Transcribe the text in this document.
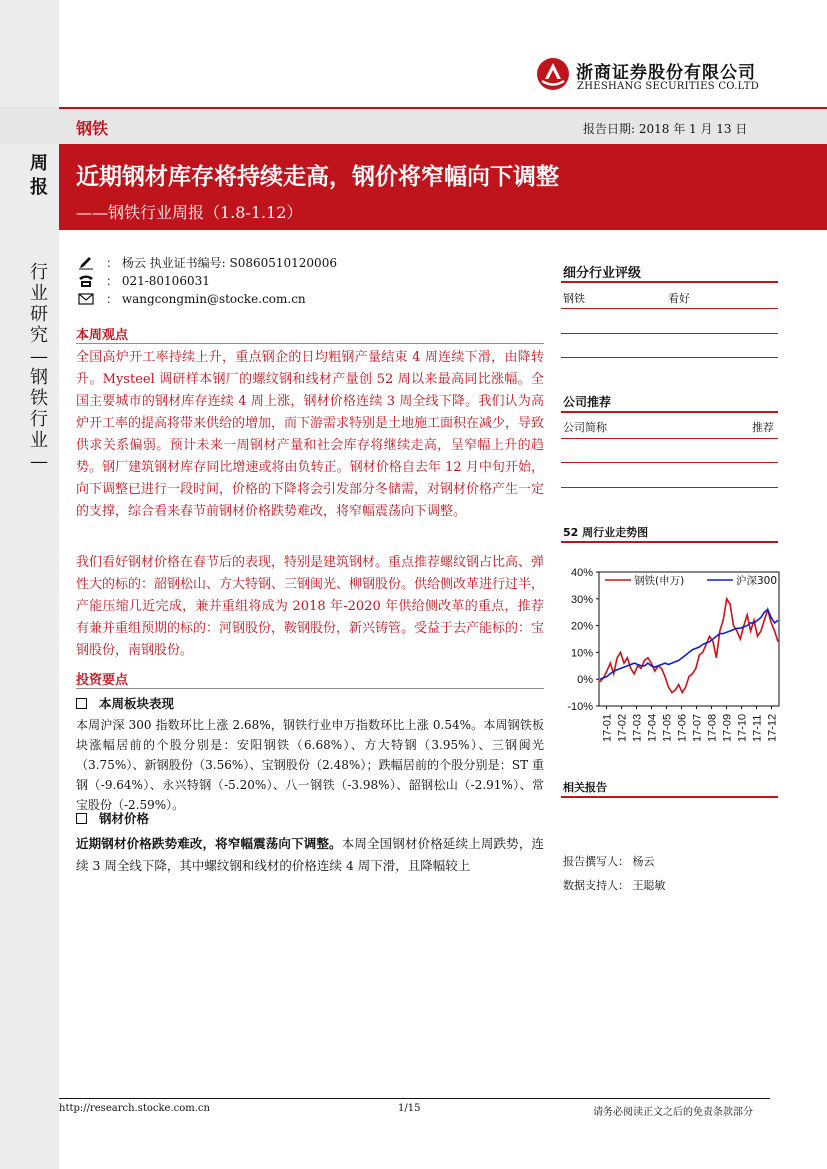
浙商证券股份有限公司
ZHESHANG SECURITIES CO.LTD
钢铁	报告日期: 2018 年 1 月 13 日
近期钢材库存将持续走高，钢价将窄幅向下调整
——钢铁行业周报（1.8-1.12）
周报
行业研究—钢铁行业—
： 杨云 执业证书编号: S0860510120006
： 021-80106031
： wangcongmin@stocke.com.cn
本周观点
全国高炉开工率持续上升，重点钢企的日均粗钢产量结束 4 周连续下滑，由降转升。Mysteel 调研样本钢厂的螺纹钢和线材产量创 52 周以来最高同比涨幅。全国主要城市的钢材库存连续 4 周上涨，钢材价格连续 3 周全线下降。我们认为高炉开工率的提高将带来供给的增加，而下游需求特别是土地施工面积在减少，导致供求关系偏弱。预计未来一周钢材产量和社会库存将继续走高，呈窄幅上升的趋势。钢厂建筑钢材库存同比增速或将由负转正。钢材价格自去年 12 月中旬开始，向下调整已进行一段时间，价格的下降将会引发部分冬储需，对钢材价格产生一定的支撑，综合看来春节前钢材价格跌势难改，将窄幅震荡向下调整。
我们看好钢材价格在春节后的表现，特别是建筑钢材。重点推荐螺纹钢占比高、弹性大的标的：韶钢松山、方大特钢、三钢闽光、柳钢股份。供给侧改革进行过半，产能压缩几近完成，兼并重组将成为 2018 年-2020 年供给侧改革的重点，推荐有兼并重组预期的标的：河钢股份，鞍钢股份，新兴铸管。受益于去产能标的：宝钢股份，南钢股份。
投资要点
本周板块表现
本周沪深 300 指数环比上涨 2.68%，钢铁行业申万指数环比上涨 0.54%。本周钢铁板块涨幅居前的个股分别是：安阳钢铁（6.68%）、方大特钢（3.95%）、三钢闽光（3.75%）、新钢股份（3.56%）、宝钢股份（2.48%）；跌幅居前的个股分别是：ST 重钢（-9.64%）、永兴特钢（-5.20%）、八一钢铁（-3.98%）、韶钢松山（-2.91%）、常宝股份（-2.59%）。
钢材价格
近期钢材价格跌势难改，将窄幅震荡向下调整。本周全国钢材价格延续上周跌势，连续 3 周全线下降，其中螺纹钢和线材的价格连续 4 周下滑，且降幅较上
细分行业评级
钢铁	看好
公司推荐
公司简称	推荐
52 周行业走势图
40%
30%
20%
10%
0%
-10%
17-01 17-02 17-03 17-04 17-05 17-06 17-07 17-08 17-09 17-10 17-11 17-12
钢铁(申万)	沪深300
相关报告
报告撰写人： 杨云
数据支持人： 王聪敏
http://research.stocke.com.cn	1/15	请务必阅读正文之后的免责条款部分
